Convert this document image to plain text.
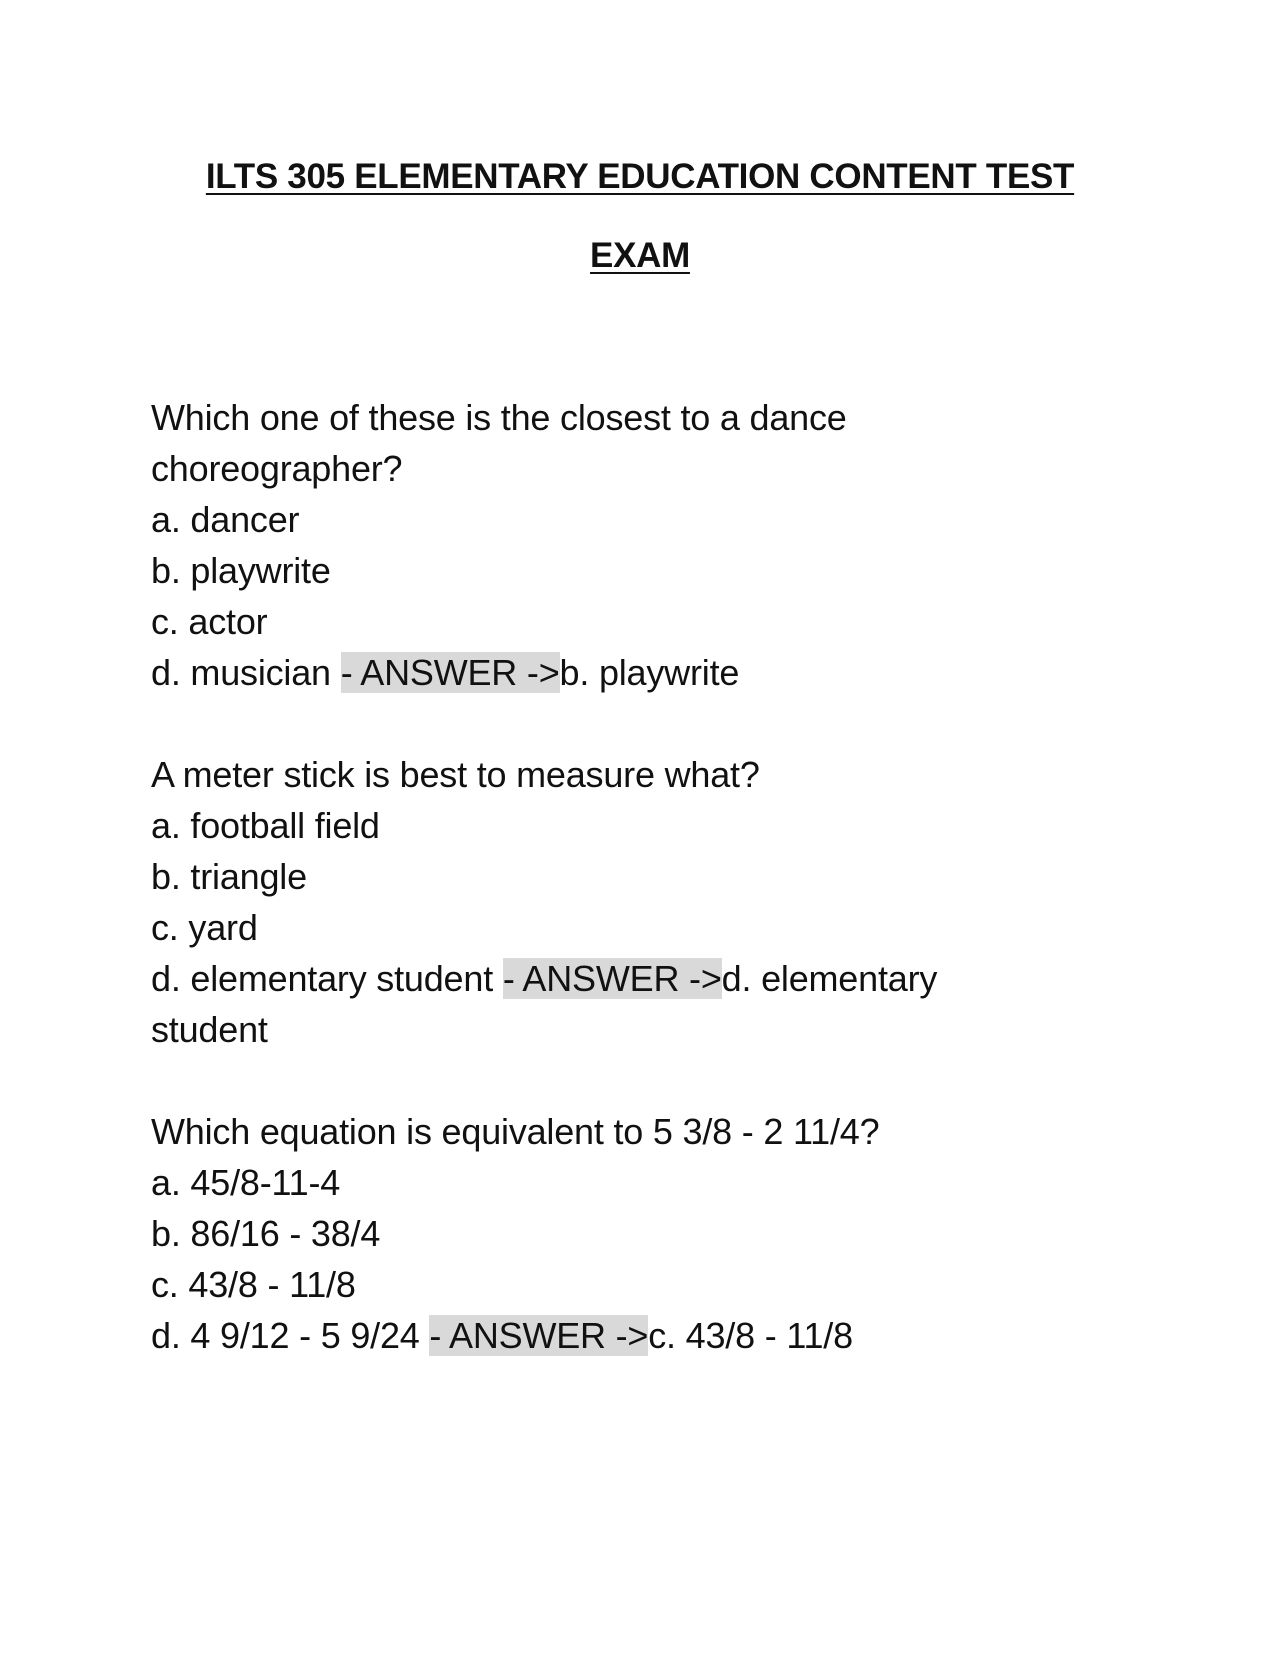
ILTS 305 ELEMENTARY EDUCATION CONTENT TEST
EXAM
Which one of these is the closest to a dance
choreographer?
a. dancer
b. playwrite
c. actor
d. musician - ANSWER ->b. playwrite
A meter stick is best to measure what?
a. football field
b. triangle
c. yard
d. elementary student - ANSWER ->d. elementary
student
Which equation is equivalent to 5 3/8 - 2 11/4?
a. 45/8-11-4
b. 86/16 - 38/4
c. 43/8 - 11/8
d. 4 9/12 - 5 9/24 - ANSWER ->c. 43/8 - 11/8
